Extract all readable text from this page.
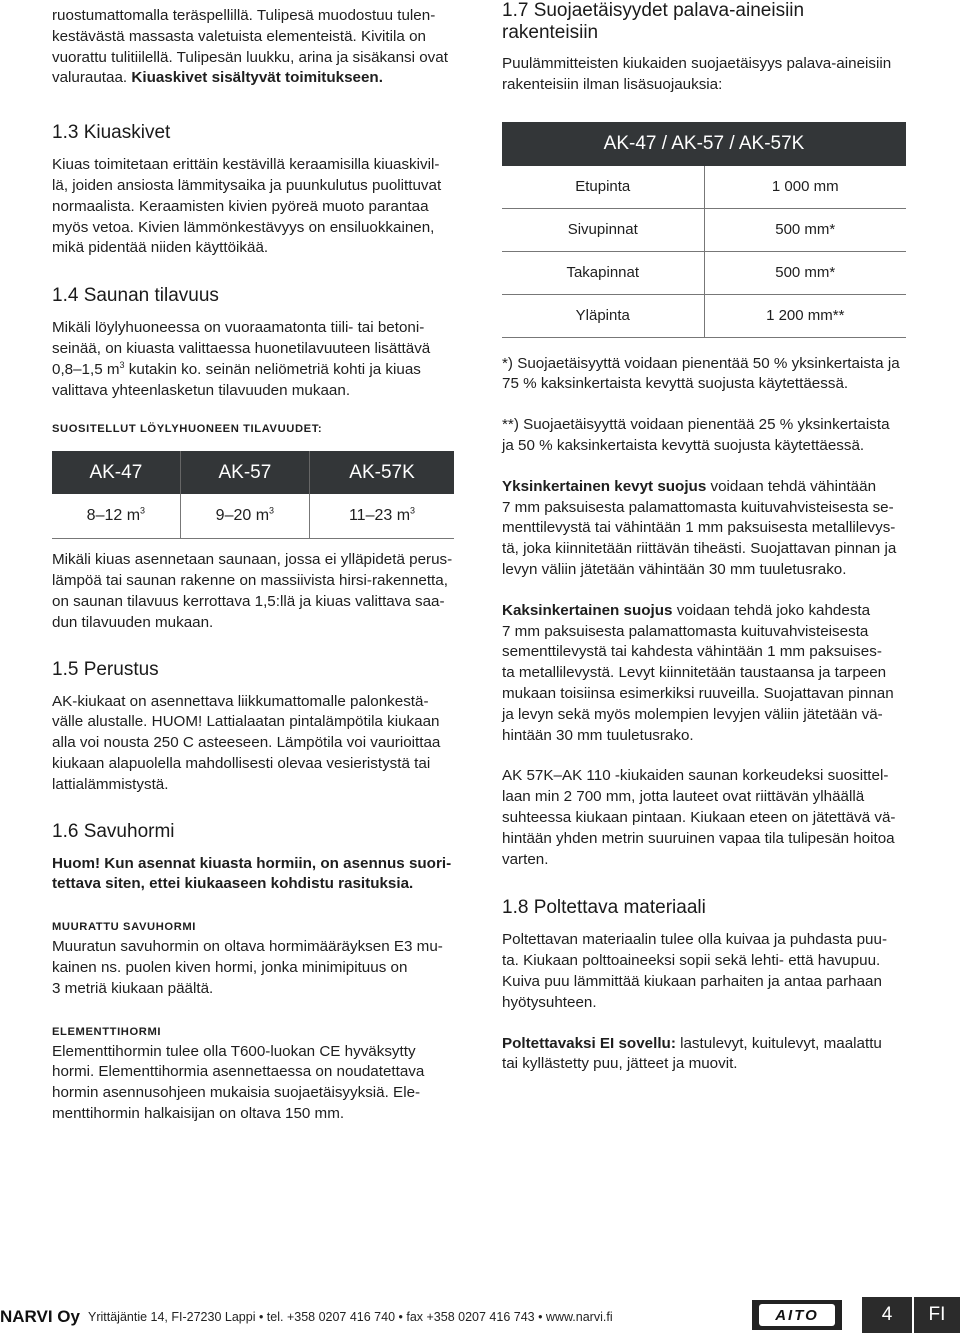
ruostumattomalla teräspellillä. Tulipesä muodostuu tulen-
kestävästä massasta valetuista elementeistä. Kivitila on
vuorattu tulitiilellä. Tulipesän luukku, arina ja sisäkansi ovat
valurautaa. Kiuaskivet sisältyvät toimitukseen.

1.3 Kiuaskivet

Kiuas toimitetaan erittäin kestävillä keraamisilla kiuaskivil-
lä, joiden ansiosta lämmitysaika ja puunkulutus puolittuvat
normaalista. Keraamisten kivien pyöreä muoto parantaa
myös vetoa. Kivien lämmönkestävyys on ensiluokkainen,
mikä pidentää niiden käyttöikää.

1.4 Saunan tilavuus

Mikäli löylyhuoneessa on vuoraamatonta tiili- tai betoni-
seinää, on kiuasta valittaessa huonetilavuuteen lisättävä
0,8–1,5 $m^3$ kutakin ko. seinän neliömetriä kohti ja kiuas
valittava yhteenlasketun tilavuuden mukaan.

SUOSITELLUT LÖYLYHUONEEN TILAVUUDET:
AK-47	AK-57	AK-57K
8–12 $m^3$	9–20 $m^3$	11–23 $m^3$

Mikäli kiuas asennetaan saunaan, jossa ei ylläpidetä perus-
lämpöä tai saunan rakenne on massiivista hirsi-rakennetta,
on saunan tilavuus kerrottava 1,5:llä ja kiuas valittava saa-
dun tilavuuden mukaan.

1.5 Perustus

AK-kiukaat on asennettava liikkumattomalle palonkestä-
välle alustalle. HUOM! Lattialaatan pintalämpötila kiukaan
alla voi nousta 250 C asteeseen. Lämpötila voi vaurioittaa
kiukaan alapuolella mahdollisesti olevaa vesieristystä tai
lattialämmistystä.

1.6 Savuhormi

Huom! Kun asennat kiuasta hormiin, on asennus suori-
tettava siten, ettei kiukaaseen kohdistu rasituksia.

MUURATTU SAVUHORMI

Muuratun savuhormin on oltava hormimääräyksen E3 mu-
kainen ns. puolen kiven hormi, jonka minimipituus on
3 metriä kiukaan päältä.

ELEMENTTIHORMI

Elementtihormin tulee olla T600-luokan CE hyväksytty
hormi. Elementtihormia asennettaessa on noudatettava
hormin asennusohjeen mukaisia suojaetäisyyksiä. Ele-
menttihormin halkaisijan on oltava 150 mm.

1.7 Suojaetäisyydet palava-aineisiin
rakenteisiin

Puulämmitteisten kiukaiden suojaetäisyys palava-aineisiin
rakenteisiin ilman lisäsuojauksia:

AK-47 / AK-57 / AK-57K	
Etupinta	1 000 mm
Sivupinnat	500 mm*
Takapinnat	500 mm*
Yläpinta	1 200 mm**

*) Suojaetäisyyttä voidaan pienentää 50 % yksinkertaista ja
75 % kaksinkertaista kevyttä suojusta käytettäessä.

**) Suojaetäisyyttä voidaan pienentää 25 % yksinkertaista
ja 50 % kaksinkertaista kevyttä suojusta käytettäessä.

Yksinkertainen kevyt suojus voidaan tehdä vähintään
7 mm paksuisesta palamattomasta kuituvahvisteisesta se-
menttilevystä tai vähintään 1 mm paksuisesta metallilevys-
tä, joka kiinnitetään riittävän tiheästi. Suojattavan pinnan ja
levyn väliin jätetään vähintään 30 mm tuuletusrako.

Kaksinkertainen suojus voidaan tehdä joko kahdesta
7 mm paksuisesta palamattomasta kuituvahvisteisesta
sementtilevystä tai kahdesta vähintään 1 mm paksuises-
ta metallilevystä. Levyt kiinnitetään taustaansa ja tarpeen
mukaan toisiinsa esimerkiksi ruuveilla. Suojattavan pinnan
ja levyn sekä myös molempien levyjen väliin jätetään vä-
hintään 30 mm tuuletusrako.

AK 57K–AK 110 -kiukaiden saunan korkeudeksi suosittel-
laan min 2 700 mm, jotta lauteet ovat riittävän ylhäällä
suhteessa kiukaan pintaan. Kiukaan eteen on jätettävä vä-
hintään yhden metrin suuruinen vapaa tila tulipesän hoitoa
varten.

1.8 Poltettava materiaali

Poltettavan materiaalin tulee olla kuivaa ja puhdasta puu-
ta. Kiukaan polttoaineeksi sopii sekä lehti- että havupuu.
Kuiva puu lämmittää kiukaan parhaiten ja antaa parhaan
hyötysuhteen.

Poltettavaksi EI sovellu: lastulevyt, kuitulevyt, maalattu
tai kyllästetty puu, jätteet ja muovit.

NARVI Oy Yrittäjäntie 14, FI-27230 Lappi • tel. +358 0207 416 740 • fax +358 0207 416 743 • www.narvi.fi	AITO	4	FI
